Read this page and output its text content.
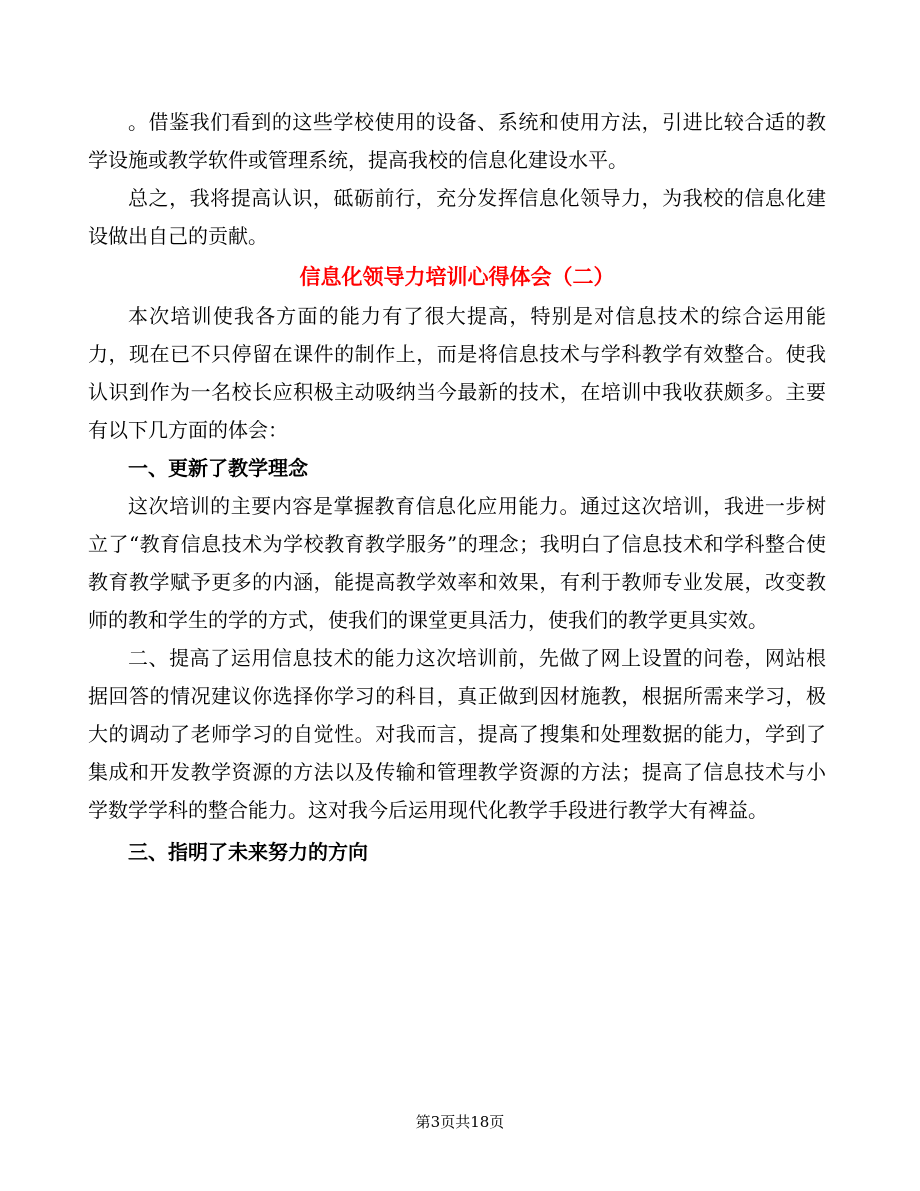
。借鉴我们看到的这些学校使用的设备、系统和使用方法，引进比较合适的教学设施或教学软件或管理系统，提高我校的信息化建设水平。

总之，我将提高认识，砥砺前行，充分发挥信息化领导力，为我校的信息化建设做出自己的贡献。

信息化领导力培训心得体会（二）

本次培训使我各方面的能力有了很大提高，特别是对信息技术的综合运用能力，现在已不只停留在课件的制作上，而是将信息技术与学科教学有效整合。使我认识到作为一名校长应积极主动吸纳当今最新的技术，在培训中我收获颇多。主要有以下几方面的体会：

一、更新了教学理念

这次培训的主要内容是掌握教育信息化应用能力。通过这次培训，我进一步树立了“教育信息技术为学校教育教学服务”的理念；我明白了信息技术和学科整合使教育教学赋予更多的内涵，能提高教学效率和效果，有利于教师专业发展，改变教师的教和学生的学的方式，使我们的课堂更具活力，使我们的教学更具实效。

二、提高了运用信息技术的能力这次培训前，先做了网上设置的问卷，网站根据回答的情况建议你选择你学习的科目，真正做到因材施教，根据所需来学习，极大的调动了老师学习的自觉性。对我而言，提高了搜集和处理数据的能力，学到了集成和开发教学资源的方法以及传输和管理教学资源的方法；提高了信息技术与小学数学学科的整合能力。这对我今后运用现代化教学手段进行教学大有裨益。

三、指明了未来努力的方向

第3页共18页
